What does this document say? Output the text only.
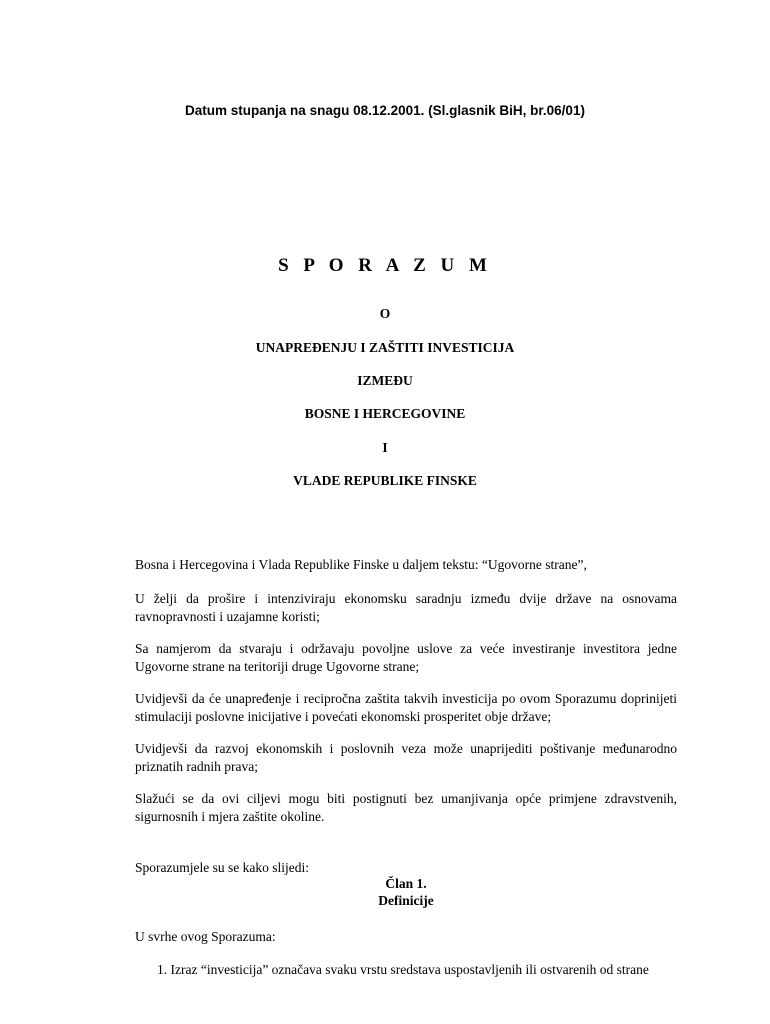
Datum stupanja na snagu 08.12.2001. (Sl.glasnik BiH, br.06/01)
S P O R A Z U M
O
UNAPREĐENJU I ZAŠTITI INVESTICIJA
IZMEĐU
BOSNE I HERCEGOVINE
I
VLADE REPUBLIKE FINSKE
Bosna i Hercegovina i Vlada Republike Finske u daljem tekstu: “Ugovorne strane”,
U želji da prošire i intenziviraju ekonomsku saradnju između dvije države na osnovama ravnopravnosti i uzajamne koristi;
Sa namjerom da stvaraju i održavaju povoljne uslove za veće investiranje investitora jedne Ugovorne strane na teritoriji druge Ugovorne strane;
Uvidjevši da će unapređenje i recipročna zaštita takvih investicija po ovom Sporazumu doprinijeti stimulaciji poslovne inicijative i povećati ekonomski prosperitet obje države;
Uvidjevši da razvoj ekonomskih i poslovnih veza može unaprijediti poštivanje međunarodno priznatih radnih prava;
Slažući se da ovi ciljevi mogu biti postignuti bez umanjivanja opće primjene zdravstvenih, sigurnosnih i mjera zaštite okoline.
Sporazumjele su se kako slijedi:
Član 1.
Definicije
U svrhe ovog Sporazuma:
1. Izraz “investicija” označava svaku vrstu sredstava uspostavljenih ili ostvarenih od strane
